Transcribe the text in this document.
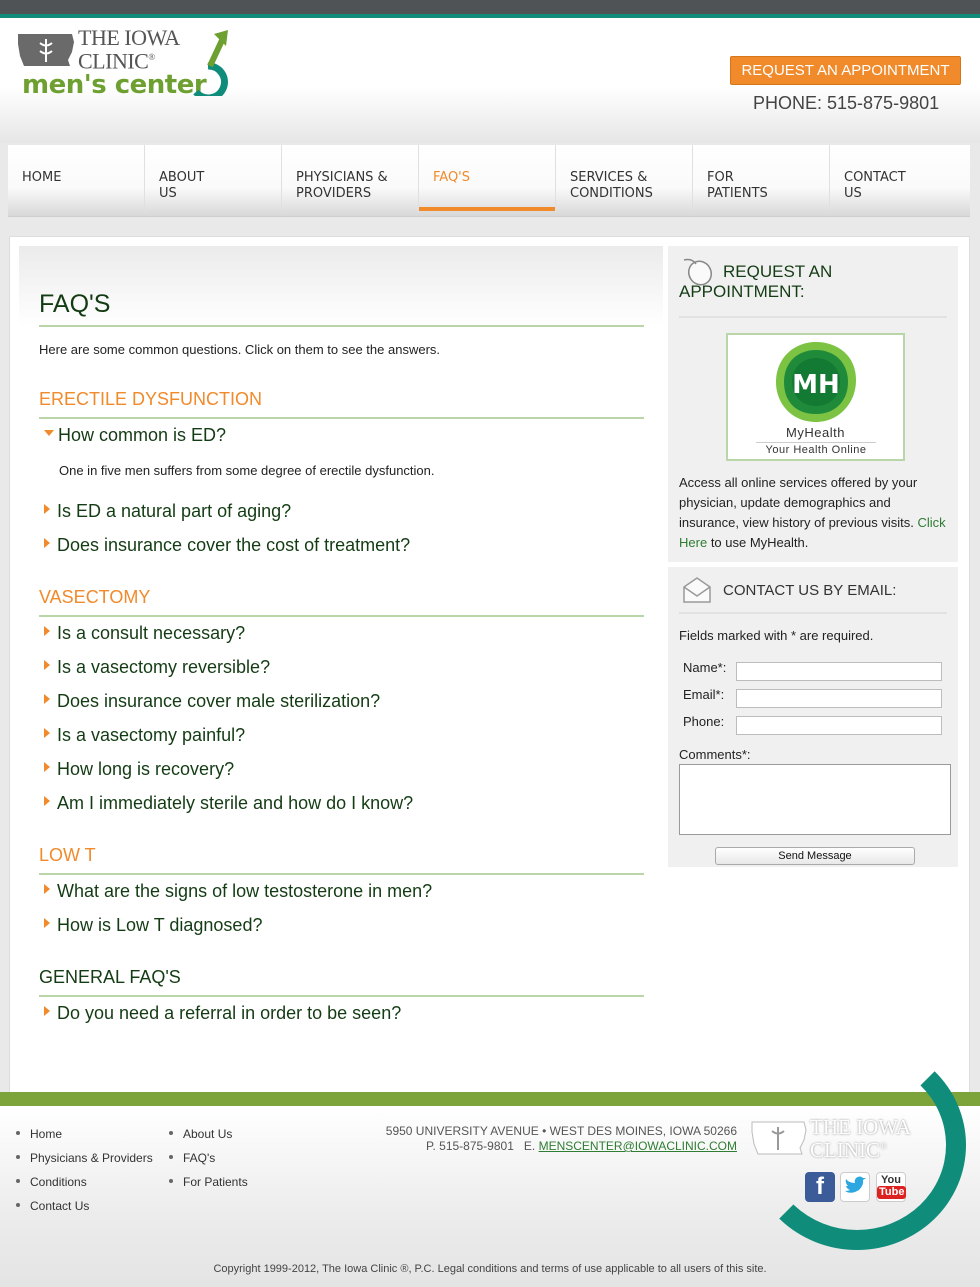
THE IOWA
CLINIC®
men's center	REQUEST AN APPOINTMENT
PHONE: 515-875-9801
HOME	ABOUT
US
PHYSICIANS &
PROVIDERS
FAQ'S	SERVICES &
CONDITIONS
FOR
PATIENTS
CONTACT
US
FAQ'S
Here are some common questions. Click on them to see the answers.
ERECTILE DYSFUNCTION
How common is ED?
One in five men suffers from some degree of erectile dysfunction.
Is ED a natural part of aging?
Does insurance cover the cost of treatment?
VASECTOMY
Is a consult necessary?
Is a vasectomy reversible?
Does insurance cover male sterilization?
Is a vasectomy painful?
How long is recovery?
Am I immediately sterile and how do I know?
LOW T
What are the signs of low testosterone in men?
How is Low T diagnosed?
GENERAL FAQ'S
Do you need a referral in order to be seen?
REQUEST AN
APPOINTMENT:
MH
MyHealth
Your Health Online
Access all online services offered by your physician, update demographics and insurance, view history of previous visits. Click Here to use MyHealth.
CONTACT US BY EMAIL:
Fields marked with * are required.
Name*:
Email*:
Phone:
Comments*:
Send Message
Home
Physicians & Providers
Conditions
Contact Us
About Us
FAQ's
For Patients
5950 UNIVERSITY AVENUE • WEST DES MOINES, IOWA 50266
P. 515-875-9801 E. MENSCENTER@IOWACLINIC.COM
THE IOWA
CLINIC®
f	You
Tube
Copyright 1999-2012, The Iowa Clinic ®, P.C. Legal conditions and terms of use applicable to all users of this site.
